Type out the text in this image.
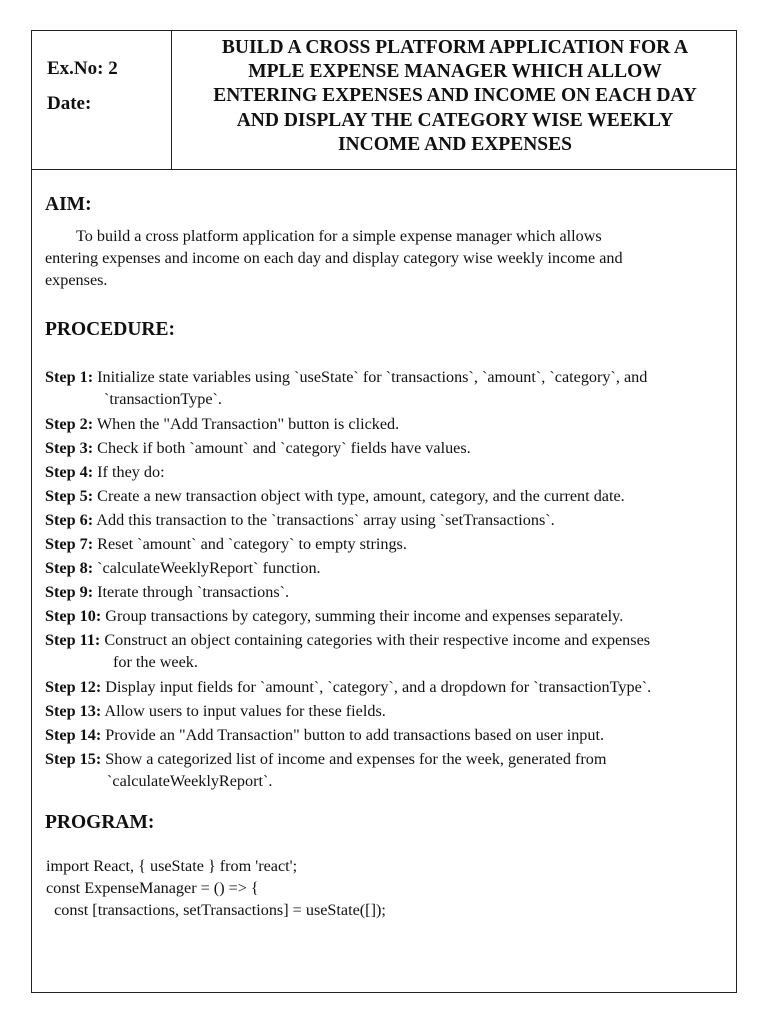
Ex.No: 2
Date:
BUILD A CROSS PLATFORM APPLICATION FOR A
MPLE EXPENSE MANAGER WHICH ALLOW
ENTERING EXPENSES AND INCOME ON EACH DAY
AND DISPLAY THE CATEGORY WISE WEEKLY
INCOME AND EXPENSES
AIM:
To build a cross platform application for a simple expense manager which allows
entering expenses and income on each day and display category wise weekly income and
expenses.
PROCEDURE:
Step 1: Initialize state variables using `useState` for `transactions`, `amount`, `category`, and
`transactionType`.
Step 2: When the "Add Transaction" button is clicked.
Step 3: Check if both `amount` and `category` fields have values.
Step 4: If they do:
Step 5: Create a new transaction object with type, amount, category, and the current date.
Step 6: Add this transaction to the `transactions` array using `setTransactions`.
Step 7: Reset `amount` and `category` to empty strings.
Step 8: `calculateWeeklyReport` function.
Step 9: Iterate through `transactions`.
Step 10: Group transactions by category, summing their income and expenses separately.
Step 11: Construct an object containing categories with their respective income and expenses
for the week.
Step 12: Display input fields for `amount`, `category`, and a dropdown for `transactionType`.
Step 13: Allow users to input values for these fields.
Step 14: Provide an "Add Transaction" button to add transactions based on user input.
Step 15: Show a categorized list of income and expenses for the week, generated from
`calculateWeeklyReport`.
PROGRAM:
import React, { useState } from 'react';
const ExpenseManager = () => {
const [transactions, setTransactions] = useState([]);
